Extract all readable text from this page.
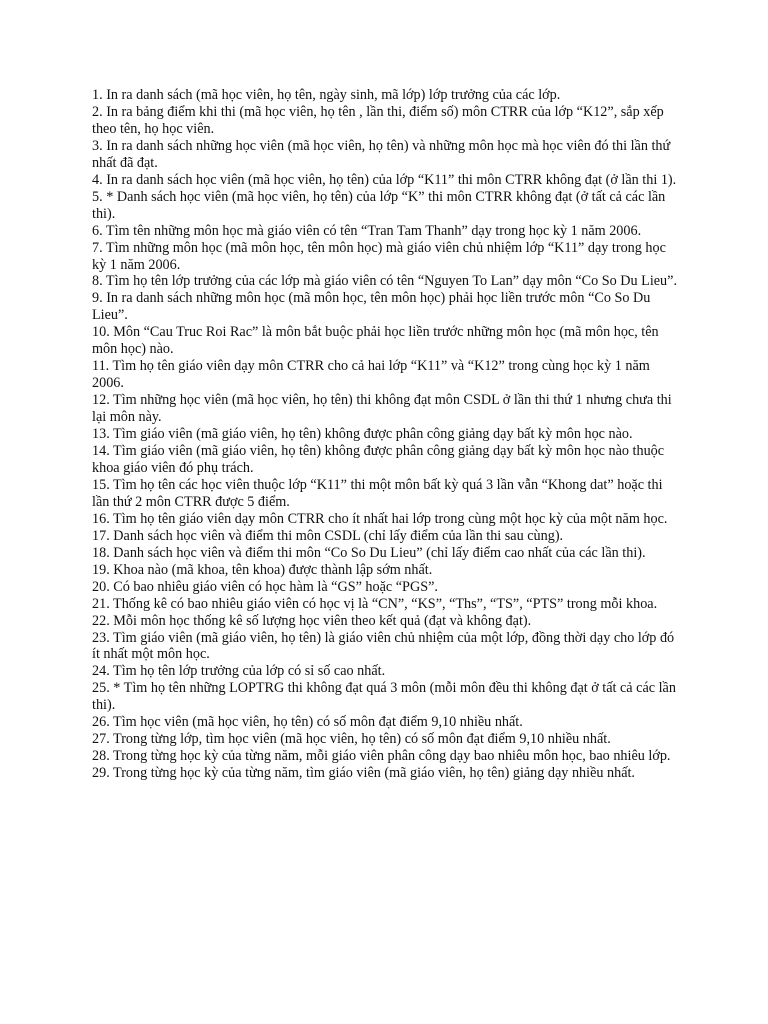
1. In ra danh sách (mã học viên, họ tên, ngày sinh, mã lớp) lớp trưởng của các lớp.

2. In ra bảng điểm khi thi (mã học viên, họ tên , lần thi, điểm số) môn CTRR của lớp “K12”, sắp xếp theo tên, họ học viên.

3. In ra danh sách những học viên (mã học viên, họ tên) và những môn học mà học viên đó thi lần thứ nhất đã đạt.

4. In ra danh sách học viên (mã học viên, họ tên) của lớp “K11” thi môn CTRR không đạt (ở lần thi 1).

5. * Danh sách học viên (mã học viên, họ tên) của lớp “K” thi môn CTRR không đạt (ở tất cả các lần thi).

6. Tìm tên những môn học mà giáo viên có tên “Tran Tam Thanh” dạy trong học kỳ 1 năm 2006.

7. Tìm những môn học (mã môn học, tên môn học) mà giáo viên chủ nhiệm lớp “K11” dạy trong học kỳ 1 năm 2006.

8. Tìm họ tên lớp trưởng của các lớp mà giáo viên có tên “Nguyen To Lan” dạy môn “Co So Du Lieu”.

9. In ra danh sách những môn học (mã môn học, tên môn học) phải học liền trước môn “Co So Du Lieu”.

10. Môn “Cau Truc Roi Rac” là môn bắt buộc phải học liền trước những môn học (mã môn học, tên môn học) nào.

11. Tìm họ tên giáo viên dạy môn CTRR cho cả hai lớp “K11” và “K12” trong cùng học kỳ 1 năm 2006.

12. Tìm những học viên (mã học viên, họ tên) thi không đạt môn CSDL ở lần thi thứ 1 nhưng chưa thi lại môn này.

13. Tìm giáo viên (mã giáo viên, họ tên) không được phân công giảng dạy bất kỳ môn học nào.

14. Tìm giáo viên (mã giáo viên, họ tên) không được phân công giảng dạy bất kỳ môn học nào thuộc khoa giáo viên đó phụ trách.

15. Tìm họ tên các học viên thuộc lớp “K11” thi một môn bất kỳ quá 3 lần vẫn “Khong dat” hoặc thi lần thứ 2 môn CTRR được 5 điểm.

16. Tìm họ tên giáo viên dạy môn CTRR cho ít nhất hai lớp trong cùng một học kỳ của một năm học.

17. Danh sách học viên và điểm thi môn CSDL (chỉ lấy điểm của lần thi sau cùng).

18. Danh sách học viên và điểm thi môn “Co So Du Lieu” (chỉ lấy điểm cao nhất của các lần thi).

19. Khoa nào (mã khoa, tên khoa) được thành lập sớm nhất.

20. Có bao nhiêu giáo viên có học hàm là “GS” hoặc “PGS”.

21. Thống kê có bao nhiêu giáo viên có học vị là “CN”, “KS”, “Ths”, “TS”, “PTS” trong mỗi khoa.

22. Mỗi môn học thống kê số lượng học viên theo kết quả (đạt và không đạt).

23. Tìm giáo viên (mã giáo viên, họ tên) là giáo viên chủ nhiệm của một lớp, đồng thời dạy cho lớp đó ít nhất một môn học.

24. Tìm họ tên lớp trưởng của lớp có sỉ số cao nhất.

25. * Tìm họ tên những LOPTRG thi không đạt quá 3 môn (mỗi môn đều thi không đạt ở tất cả các lần thi).

26. Tìm học viên (mã học viên, họ tên) có số môn đạt điểm 9,10 nhiều nhất.

27. Trong từng lớp, tìm học viên (mã học viên, họ tên) có số môn đạt điểm 9,10 nhiều nhất.

28. Trong từng học kỳ của từng năm, mỗi giáo viên phân công dạy bao nhiêu môn học, bao nhiêu lớp.

29. Trong từng học kỳ của từng năm, tìm giáo viên (mã giáo viên, họ tên) giảng dạy nhiều nhất.
